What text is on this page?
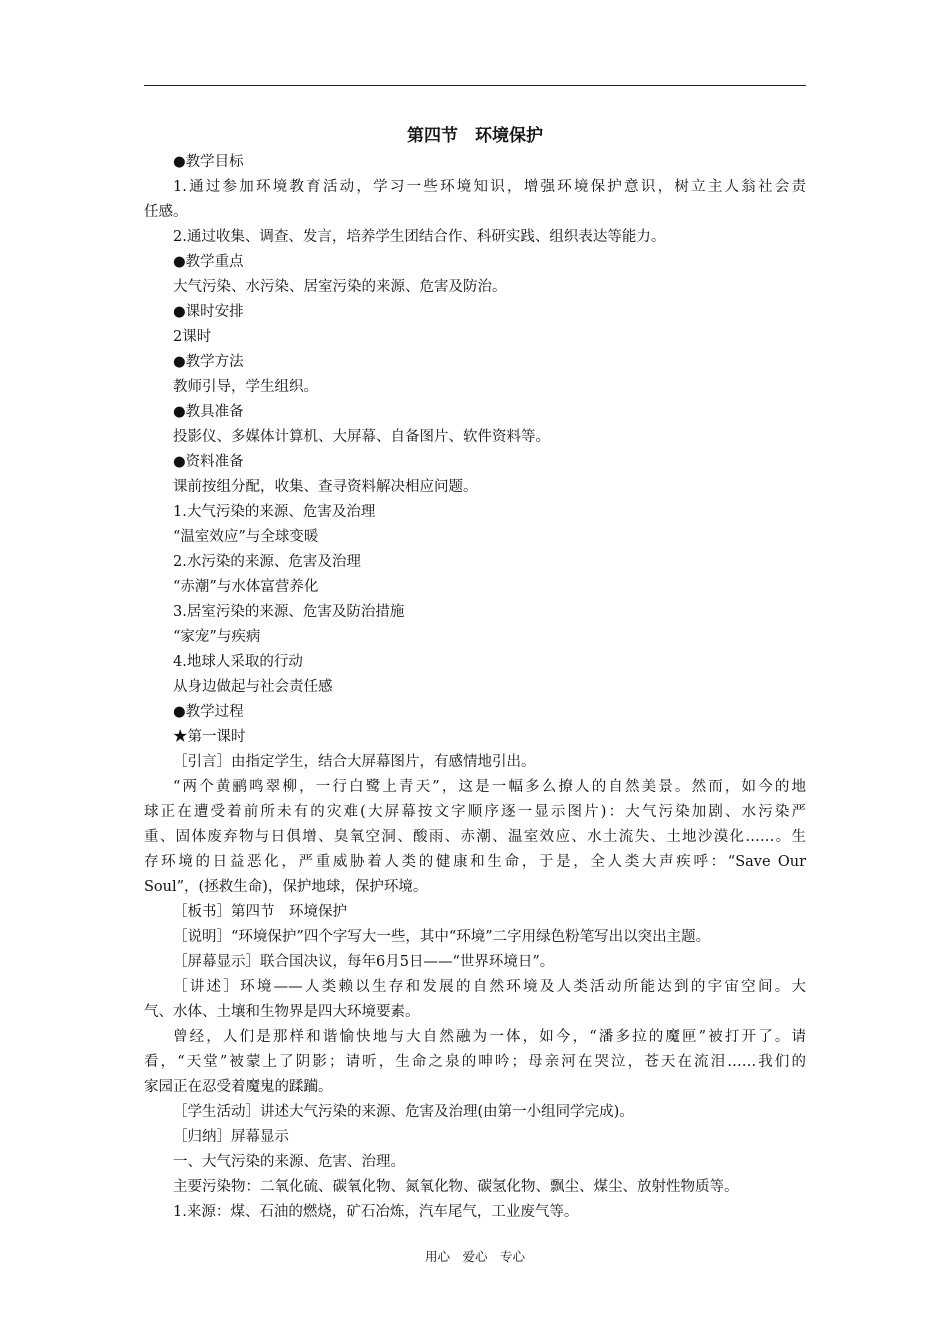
第四节　环境保护
●教学目标
1.通过参加环境教育活动，学习一些环境知识，增强环境保护意识，树立主人翁社会责
任感。
2.通过收集、调查、发言，培养学生团结合作、科研实践、组织表达等能力。
●教学重点
大气污染、水污染、居室污染的来源、危害及防治。
●课时安排
2课时
●教学方法
教师引导，学生组织。
●教具准备
投影仪、多媒体计算机、大屏幕、自备图片、软件资料等。
●资料准备
课前按组分配，收集、查寻资料解决相应问题。
1.大气污染的来源、危害及治理
“温室效应”与全球变暖
2.水污染的来源、危害及治理
“赤潮”与水体富营养化
3.居室污染的来源、危害及防治措施
“家宠”与疾病
4.地球人采取的行动
从身边做起与社会责任感
●教学过程
★第一课时
［引言］由指定学生，结合大屏幕图片，有感情地引出。
“两个黄鹂鸣翠柳，一行白鹭上青天”，这是一幅多么撩人的自然美景。然而，如今的地
球正在遭受着前所未有的灾难(大屏幕按文字顺序逐一显示图片)：大气污染加剧、水污染严
重、固体废弃物与日俱增、臭氧空洞、酸雨、赤潮、温室效应、水土流失、土地沙漠化……。生
存环境的日益恶化，严重威胁着人类的健康和生命，于是，全人类大声疾呼：“Save Our
Soul”，(拯救生命)，保护地球，保护环境。
［板书］第四节　环境保护
［说明］“环境保护”四个字写大一些，其中“环境”二字用绿色粉笔写出以突出主题。
［屏幕显示］联合国决议，每年6月5日——“世界环境日”。
［讲述］环境——人类赖以生存和发展的自然环境及人类活动所能达到的宇宙空间。大
气、水体、土壤和生物界是四大环境要素。
曾经，人们是那样和谐愉快地与大自然融为一体，如今，“潘多拉的魔匣”被打开了。请
看，“天堂”被蒙上了阴影；请听，生命之泉的呻吟；母亲河在哭泣，苍天在流泪……我们的
家园正在忍受着魔鬼的蹂躏。
［学生活动］讲述大气污染的来源、危害及治理(由第一小组同学完成)。
［归纳］屏幕显示
一、大气污染的来源、危害、治理。
主要污染物：二氧化硫、碳氧化物、氮氧化物、碳氢化物、飘尘、煤尘、放射性物质等。
1.来源：煤、石油的燃烧，矿石冶炼，汽车尾气，工业废气等。
用心　爱心　专心
